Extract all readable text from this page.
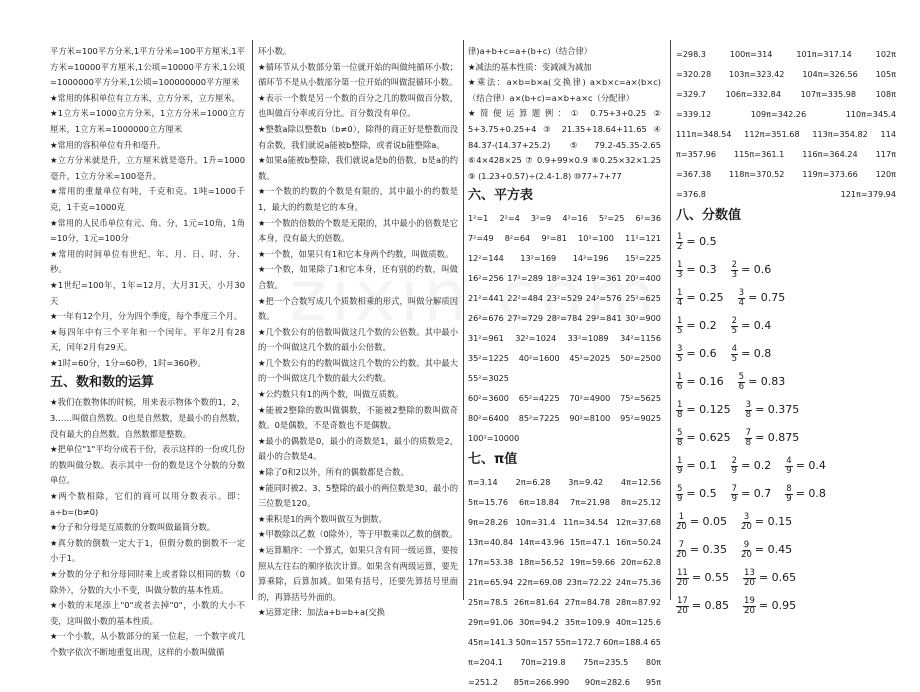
平方米=100平方分米,1平方分米=100平方厘米,1平方米=10000平方厘米,1公顷=10000平方米,1公顷=1000000平方分米,1公顷=100000000平方厘米

★常用的体积单位有立方米，立方分米，立方厘米。

★1立方米=1000立方分米，1立方分米=1000立方厘米，1立方米=1000000立方厘米

★常用的容积单位有升和毫升。

★立方分米就是升，立方厘米就是毫升。1升=1000毫升，1立方分米=100毫升。

★常用的重量单位有吨，千克和克。1吨=1000千克，1千克=1000克

★常用的人民币单位有元、角、分，1元=10角，1角=10分，1元=100分

★常用的时间单位有世纪、年、月、日、时、分、秒。

★1世纪=100年，1年=12月，大月31天，小月30天

★一年有12个月，分为四个季度，每个季度三个月。

★每四年中有三个平年和一个闰年。平年2月有28天，闰年2月有29天。

★1时=60分，1分=60秒，1时=360秒。

五、数和数的运算

★我们在数物体的时候，用来表示物体个数的1，2，3……叫做自然数。0也是自然数，是最小的自然数，没有最大的自然数。自然数都是整数。

★把单位"1"平均分成若干份，表示这样的一份或几份的数叫做分数。表示其中一份的数是这个分数的分数单位。

★两个数相除，它们的商可以用分数表示。即：a÷b=(b≠0)

★分子和分母是互质数的分数叫做最简分数。

★真分数的倒数一定大于1，但假分数的倒数不一定小于1。

★分数的分子和分母同时乘上或者除以相同的数（0除外），分数的大小不变，叫做分数的基本性质。

★小数的末尾添上"0"或者去掉"0"，小数的大小不变，这叫做小数的基本性质。

★一个小数，从小数部分的某一位起，一个数字或几个数字依次不断地重复出现，这样的小数叫做循

环小数。

★循环节从小数部分第一位就开始的叫做纯循环小数；循环节不是从小数部分第一位开始的叫做混循环小数。

★表示一个数是另一个数的百分之几的数叫做百分数，也叫做百分率或百分比。百分数没有单位。

★整数a除以整数b（b≠0），除得的商正好是整数而没有余数，我们就说a能被b整除，或者说b能整除a。

★如果a能被b整除，我们就说a是b的倍数，b是a的约数。

★一个数的约数的个数是有限的，其中最小的约数是1，最大的约数是它的本身。

★一个数的倍数的个数是无限的，其中最小的倍数是它本身，没有最大的倍数。

★一个数，如果只有1和它本身两个约数，叫做质数。

★一个数，如果除了1和它本身，还有别的约数，叫做合数。

★把一个合数写成几个质数相乘的形式，叫做分解质因数。

★几个数公有的倍数叫做这几个数的公倍数。其中最小的一个叫做这几个数的最小公倍数。

★几个数公有的约数叫做这几个数的公约数。其中最大的一个叫做这几个数的最大公约数。

★公约数只有1的两个数，叫做互质数。

★能被2整除的数叫做偶数，不能被2整除的数叫做奇数。0是偶数，不是奇数也不是偶数。

★最小的偶数是0，最小的奇数是1，最小的质数是2，最小的合数是4。

★除了0和2以外，所有的偶数都是合数。

★能同时被2、3、5整除的最小的两位数是30，最小的三位数是120。

★乘积是1的两个数叫做互为倒数。

★甲数除以乙数（0除外），等于甲数乘以乙数的倒数。

★运算顺序：一个算式，如果只含有同一级运算，要按照从左往右的顺序依次计算。如果含有两级运算，要先算乘除，后算加减。如果有括号，还要先算括号里面的，再算括号外面的。

★运算定律：加法a+b=b+a(交换

律)a+b+c=a+(b+c)（结合律）

★减法的基本性质：变减减为减加

★乘法：a×b=b×a(交换律) a×b×c=a×(b×c)（结合律）a×(b+c)=a×b+a×c（分配律）

★简便运算题例：① 0.75+3+0.25 ② 5+3.75+0.25+4 ③ 21.35+18.64+11.65 ④ 84.37-(14.37+25.2) ⑤79.2-45.35-2.65 ⑥4×428×25 ⑦ 0.9+99×0.9 ⑧0.25×32×1.25 ⑨ (1.23+0.57)÷(2.4-1.8) ⑩77÷7+77

六、平方表
1²=1 2²=4 3²=9 4²=16 5²=25 6²=36
7²=49 8²=64 9²=81 10²=100 11²=121
12²=144 13²=169 14²=196 15²=225
16²=256 17²=289 18²=324 19²=361 20²=400
21²=441 22²=484 23²=529 24²=576 25²=625
26²=676 27²=729 28²=784 29²=841 30²=900
31²=961 32²=1024 33²=1089 34²=1156
35²=1225 40²=1600 45²=2025 50²=2500
55²=3025
60²=3600 65²=4225 70²=4900 75²=5625
80²=6400 85²=7225 90²=8100 95²=9025
100²=10000
七、π值
π=3.14 2π=6.28 3π=9.42 4π=12.56
5π=15.76 6π=18.84 7π=21.98 8π=25.12
9π=28.26 10π=31.4 11π=34.54 12π=37.68
13π=40.84 14π=43.96 15π=47.1 16π=50.24
17π=53.38 18π=56.52 19π=59.66 20π=62.8
21π=65.94 22π=69.08 23π=72.22 24π=75.36
25π=78.5 26π=81.64 27π=84.78 28π=87.92
29π=91.06 30π=94.2 35π=109.9 40π=125.6
45π=141.3 50π=157 55π=172.7 60π=188.4 65
π=204.1 70π=219.8 75π=235.5 80π
=251.2 85π=266.990 90π=282.6 95π
=298.3	100π=314	101π=317.14	102π
=320.28 103π=323.42 104π=326.56 105π
=329.7 106π=332.84 107π=335.98 108π
=339.12	109π=342.26	110π=345.4
111π=348.54 112π=351.68 113π=354.82 114
π=357.96 115π=361.1 116π=364.24 117π
=367.38 118π=370.52 119π=373.66 120π
=376.8	121π=379.94
八、分数值
$\frac{1}{2} = 0.5$
$\frac{1}{3}$ = 0.3̇ $\frac{2}{3}$ = 0.6̇
$\frac{1}{4} = 0.25 \frac{3}{4} = 0.75$
$\frac{1}{5} = 0.2 \frac{2}{5} = 0.4$
$\frac{3}{5} = 0.6 \frac{4}{5} = 0.8$
$\frac{1}{6}$ = 0.16̇ $\frac{5}{6}$ = 0.83̇
$\frac{1}{8} = 0.125 \frac{3}{8} = 0.375$
$\frac{5}{8} = 0.625 \frac{7}{8} = 0.875$
$\frac{1}{9}$ = 0.1̇ $\frac{2}{9}$ = 0.2̇ $\frac{4}{9}$ = 0.4̇
$\frac{5}{9}$ = 0.5̇ $\frac{7}{9}$ = 0.7̇ $\frac{8}{9}$ = 0.8̇
$\frac{1}{20} = 0.05 \frac{3}{20} = 0.15$
$\frac{7}{20} = 0.35 \frac{9}{20} = 0.45$
$\frac{11}{20} = 0.55 \frac{13}{20} = 0.65$
$\frac{17}{20} = 0.85 \frac{19}{20} = 0.95$
